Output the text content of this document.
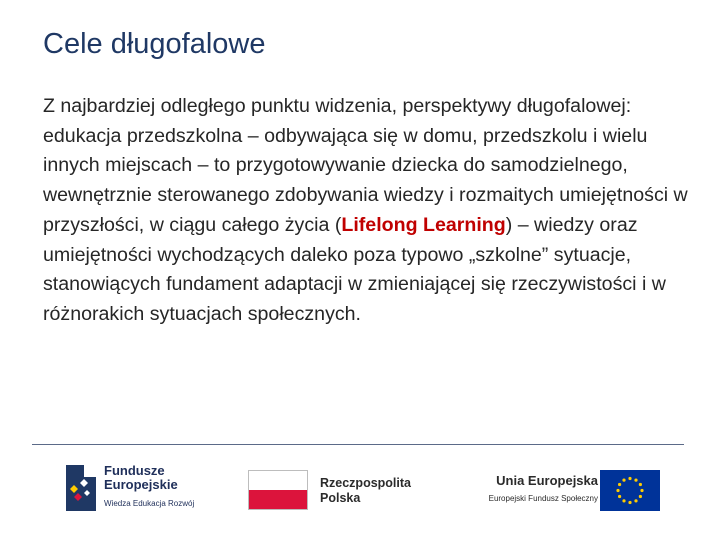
Cele długofalowe

Z najbardziej odległego punktu widzenia, perspektywy długofalowej:

edukacja przedszkolna – odbywająca się w domu, przedszkolu i wielu innych miejscach – to przygotowywanie dziecka do samodzielnego, wewnętrznie sterowanego zdobywania wiedzy i rozmaitych umiejętności w przyszłości, w ciągu całego życia (Lifelong Learning) – wiedzy oraz umiejętności wychodzących daleko poza typowo „szkolne” sytuacje, stanowiących fundament adaptacji w zmieniającej się rzeczywistości i w różnorakich sytuacjach społecznych.

Fundusze
Europejskie
Wiedza Edukacja Rozwój
Rzeczpospolita
Polska
Unia Europejska
Europejski Fundusz Społeczny
